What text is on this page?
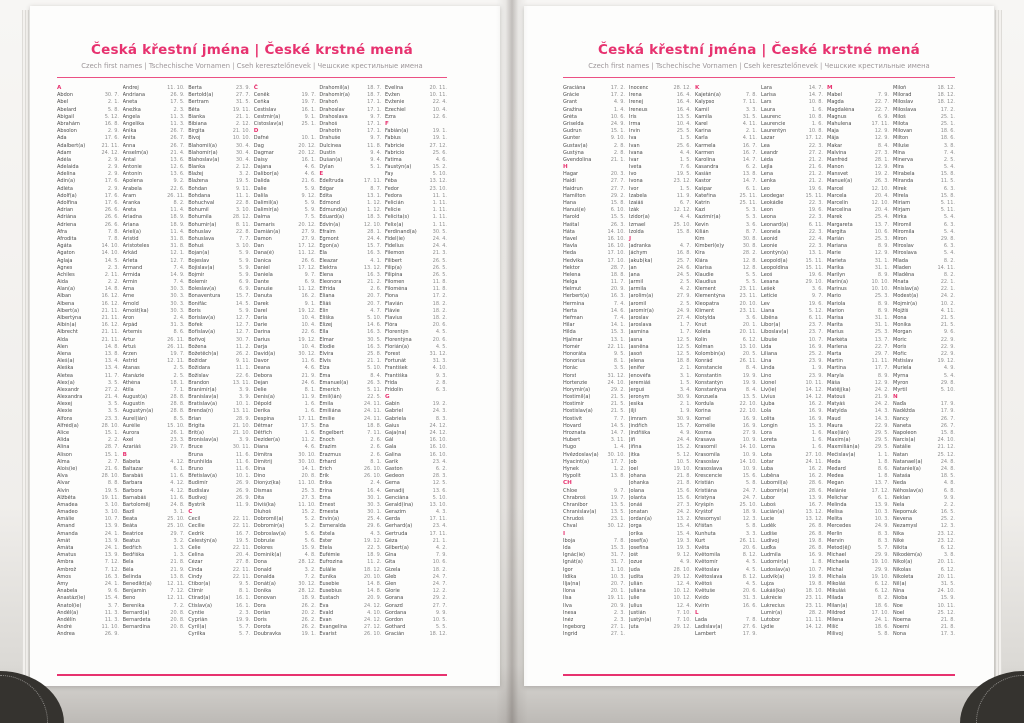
Česká křestní jména | České krstné mená
Czech first names | Tschechische Vornamen | Cseh keresztelőnevek | Чешские крестильные имена
A
Abdon	30. 7.
Ábel	2. 1.
Abelard	5. 8.
Abigail	5. 12.
Abrahám	16. 8.
Absolon	2. 9.
Ada	17. 6.
Adalbert(a)	21. 11.
Adam	24. 12.
Adéla	2. 9.
Adelaida	2. 9.
Adelína	2. 9.
Adin(a)	17. 6.
Adléta	2. 9.
Adolf(a)	17. 6.
Adolfína	17. 6.
Adrian	26. 6.
Adriána	26. 6.
Adriena	26. 6.
Afra	7. 8.
Afrodita	7. 8.
Agáta	14. 10.
Agaton	14. 10.
Aglaja	14. 5.
Agnes	2. 3.
Achiles	2. 11.
Aida	2. 2.
Alan(a)	14. 8.
Alban	16. 12.
Albena	16. 12.
Albert(a)	21. 11.
Albertýna	21. 11.
Albín(a)	16. 12.
Albrecht	21. 11.
Alda	21. 11.
Alen	14. 8.
Alena	13. 8.
Aleš(a)	13. 4.
Aleška	13. 4.
Aletea	11. 7.
Alex(a)	3. 5.
Alexandr	27. 2.
Alexandra	21. 4.
Alexej	3. 5.
Alexie	3. 5.
Alfons	23. 3.
Alfréd(a)	28. 10.
Alice	15. 1.
Alida	2. 2.
Alina	28. 7.
Alison	15. 1.
Alma	2. 7.
Alois(ie)	21. 6.
Alva	28. 10.
Alvar	8. 8.
Alvin	19. 5.
Alžběta	19. 11.
Amadea	3. 10.
Amadeo	3. 10.
Amálie	10. 7.
Amand	13. 9.
Amanda	24. 1.
Amát	13. 9.
Amáta	24. 1.
Amatus	13. 9.
Ambra	7. 12.
Ambrož	7. 12.
Ámos	16. 3.
Amy	24. 1.
Anabela	9. 6.
Anastáz(ie)	15. 4.
Anatol(ie)	3. 7.
Anděl(a)	11. 3.
Andělín	11. 3.
André	11. 10.
Andrea	26. 9.
Andrej	11. 10.
Andriana	26. 9.
Aneta	17. 5.
Anežka	2. 3.
Angela	11. 3.
Angelika	11. 3.
Anika	26. 7.
Anita	26. 7.
Anna	26. 7.
Anselm(a)	21. 4.
Antal	13. 6.
Antonie	12. 6.
Antonín	13. 6.
Apolena	9. 2.
Arabela	22. 6.
Aram	26. 11.
Aranka	8. 2.
Areta	11. 4.
Ariadna	18. 9.
Ariana	18. 9.
Ariel(a)	11. 4.
Aristid	31. 8.
Aristoteles	31. 8.
Arkád	12. 1.
Arleta	12. 7.
Armand	7. 4.
Armida	14. 9.
Armin	7. 4.
Arna	30. 3.
Arne	30. 3.
Arnold	30. 3.
Arnošt(ka)	30. 3.
Áron	2. 4.
Árpád	31. 3.
Artemis	8. 6.
Artur	26. 11.
Artuš	26. 11.
Arzen	19. 7.
Astrid	12. 11.
Atanas	2. 5.
Atanázie	2. 5.
Athéna	18. 1.
Atila	7. 1.
August(a)	28. 8.
Augustin	28. 8.
Augustýn(a)	28. 8.
Aurel(ián)	8. 5.
Aurélie	15. 10.
Aurora	26. 1.
Axel	23. 3.
Azariáš	29. 7.
B
Babeta	4. 12.
Baltazar	6. 1.
Barabáš	11. 6.
Barbara	4. 12.
Barbora	4. 12.
Barnabáš	11. 6.
Bartoloměj	24. 8.
Bazil	3. 1.
Beata	25. 10.
Beáta	25. 10.
Beatrice	29. 7.
Beatus	3. 2.
Bedřich	1. 3.
Bedřiška	1. 3.
Bela	21. 8.
Béla	21. 9.
Belinda	13. 8.
Benedikt(a)	12. 11.
Benjamin	7. 12.
Beno	12. 11.
Berenika	7. 2.
Bernard(a)	20. 8.
Bernardeta	20. 8.
Bernardina	20. 8.
Berta	23. 9.
Bertold(a)	27. 7.
Bertram	31. 5.
Běta	19. 11.
Bianka	21. 1.
Bibiana	2. 12.
Birgita	21. 10.
Bivoj	10. 10.
Blahomil(a)	30. 4.
Blahomír(a)	30. 4.
Blahoslav(a)	30. 4.
Blanka	2. 12.
Blažej	3. 2.
Blažena	19. 5.
Bohdan	9. 11.
Bohdana	11. 1.
Bohuchval	22. 8.
Bohumil	3. 10.
Bohumila	28. 12.
Bohumír(a)	8. 11.
Bohuslav	22. 8.
Bohuslava	7. 7.
Bohuš	3. 10.
Bojan(a)	5. 9.
Bojeslav	5. 9.
Bojislav(a)	5. 9.
Bojmír	5. 9.
Bolemír	6. 9.
Boleslav(a)	6. 9.
Bonaventura	15. 7.
Bonifác	14. 5.
Boris	5. 9.
Borislav(a)	12. 7.
Bořek	12. 7.
Bořislav(a)	12. 7.
Bořivoj	30. 7.
Božena	11. 2.
Božetěch(a)	26. 2.
Božidar	9. 11.
Božidara	11. 1.
Božislav	22. 6.
Brandon	13. 11.
Branimír(a)	3. 9.
Branislav(a)	3. 9.
Bratislav(a)	10. 1.
Brenda(n)	13. 11.
Brian	28. 9.
Brigita	21. 10.
Brit(a)	21. 10.
Bronislav(a)	3. 9.
Bruce	30. 11.
Bruna	11. 6.
Brunhilda	11. 6.
Bruno	11. 6.
Břetislav(a)	10. 1.
Budimír	26. 9.
Budislav	26. 9.
Budivoj	26. 9.
Bystrík	11. 9.
C
Cecil	22. 11.
Cecílie	22. 11.
Cedrik	16. 7.
Celestýn(a)	19. 5.
Celie	22. 11.
Celina	20. 4.
Cézar	27. 8.
Cinda	22. 11.
Cindy	22. 11.
Ctibor(a)	9. 5.
Ctimír	8. 1.
Ctirad(a)	16. 1.
Ctislav(a)	16. 1.
Cyntie	2. 3.
Cyprián	19. 9.
Cyril(a)	5. 7.
Cyrilka	5. 7.
Č
Čeněk	19. 7.
Čeňka	19. 7.
Čestislav	16. 1.
Čestmír(a)	9. 1.
Čistoslav(a)	25. 1.
D
Dafné	10. 1.
Dag	20. 12.
Dagmar	20. 12.
Daisy	16. 1.
Dajana	4. 6.
Dalibor(a)	4. 6.
Dalida	21. 6.
Dalie	5. 9.
Dalila	9. 12.
Dalimil(a)	5. 9.
Dalimír(a)	5. 9.
Dalma	7. 5.
Damaris	20. 12.
Damián(a)	27. 9.
Damon	27. 9.
Dan	17. 12.
Dana(é)	11. 12.
Danica	26. 6.
Daniel	17. 12.
Daniela	9. 7.
Dante	6. 9.
Danuše	11. 12.
Danuta	16. 2.
Darek	9. 1.
Darel	19. 12.
Daria	10. 4.
Darie	10. 4.
Darina	22. 6.
Darius	19. 12.
Darja	10. 4.
David(a)	30. 12.
Davor	11. 6.
Deana	4. 6.
Debora	21. 9.
Dejan	24. 6.
Delie	8. 1.
Denis(a)	11. 9.
Děpold	1. 6.
Derika	1. 6.
Despina	17. 11.
Dětmar	17. 5.
Dětřich	1. 6.
Dezider(a)	11. 2.
Diana	4. 6.
Dimitra	30. 10.
Dimitrij	30. 10.
Dina	14. 1.
Dino	20. 8.
Dionýz(ka)	11. 10.
Dismas	25. 3.
Dita	27. 3.
Diviš(ka)	11. 10.
Dluhoš	15. 2.
Dobromil(a)	5. 2.
Dobromír(a)	5. 2.
Dobroslav(a)	5. 6.
Dobruše	5. 6.
Dolores	15. 9.
Dominik(a)	4. 8.
Dona	28. 12.
Donald	3. 2.
Donalda	7. 2.
Donát(a)	30. 12.
Donika	28. 12.
Donovan	18. 9.
Dora	26. 2.
Dorián	20. 2.
Doris	26. 2.
Dorota	26. 2.
Doubravka	19. 1.
Drahomil(a)	18. 7.
Drahomír(a)	18. 7.
Drahoň	17. 1.
Drahoslav	17. 1.
Drahoslava	9. 7.
Drahoš	17. 1.
Drahotín	17. 1.
Drahuše	9. 7.
Dulcinea	11. 8.
Dustin	9. 4.
Dušan(a)	9. 4.
Dylan	5. 1.
E
Edeltruda	17. 11.
Edgar	8. 7.
Edita	13. 1.
Edmond	1. 12.
Edmund(a)	1. 12.
Eduard(a)	18. 3.
Edvín(a)	12. 10.
Efraim	28. 1.
Egmont	24. 4.
Egon(a)	15. 7.
Ela	16. 3.
Eleazar	4. 1.
Elektra	13. 12.
Elena	16. 3.
Eleonora	21. 2.
Elfrída	2. 6.
Eliana	20. 7.
Eliáš	20. 7.
Elín	4. 7.
Eliška	5. 10.
Elizej	14. 6.
Ella	16. 3.
Elmar	30. 5.
Elodie	16. 3.
Elvíra	25. 8.
Elvis	21. 1.
Elza	5. 10.
Ema	8. 4.
Emanuel(a)	26. 3.
Emerich	5. 11.
Emil(ián)	22. 5.
Emila	24. 11.
Emiliána	24. 11.
Emílie	24. 11.
Ena	18. 8.
Engelbert	7. 11.
Enoch	2. 6.
Erazim	2. 6.
Erazmus	2. 6.
Erhard	8. 1.
Erich	26. 10.
Erik	26. 10.
Erika	2. 4.
Erina	16. 4.
Erna	30. 1.
Ernest	30. 3.
Ernesta	30. 1.
Ervín(a)	25. 4.
Esmeralda	29. 6.
Estela	4. 3.
Ester	19. 12.
Etela	22. 3.
Eufémie	18. 9.
Eufrozina	11. 2.
Eulálie	18. 12.
Eunika	20. 10.
Eusebie	14. 8.
Eusebius	14. 8.
Eustach	20. 9.
Eva	24. 12.
Evald	4. 10.
Evan	24. 12.
Evangelína	27. 12.
Evarist	26. 10.
Evelína	20. 11.
Evžen	10. 11.
Evženie	22. 4.
Ezechiel	10. 4.
Ezra	12. 6.
F
Fabián(a)	19. 1.
Fabius	19. 1.
Fabricie	27. 12.
Fabricio	25. 6.
Fatima	4. 6.
Faustýn(a)	15. 2.
Fay	5. 10.
Féba	13. 12.
Fedor	23. 10.
Fedora	11. 1.
Felicián	1. 11.
Felície	1. 11.
Felicita(s)	1. 11.
Felix(a)	1. 11.
Ferdinand(a)	30. 5.
Fidel(ie)	24. 4.
Fidelius	24. 4.
Filemon	21. 3.
Filibert	26. 5.
Filip(a)	26. 5.
Filipína	26. 5.
Filomen	11. 8.
Filoména	11. 8.
Fiona	17. 2.
Flavián	18. 2.
Flávie	18. 2.
Flavius	18. 2.
Flóra	20. 6.
Florentýn	4. 5.
Florentýna	20. 6.
Florián(a)	4. 5.
Forest	31. 12.
Fortunát	31. 3.
František	4. 10.
Františka	9. 3.
Frída	2. 8.
Fridolín	6. 3.
G
Gabin	19. 2.
Gabriel	24. 3.
Gabriela	8. 3.
Gaius	24. 12.
Gaja(na)	24. 12.
Gál	16. 10.
Gala	16. 10.
Galina	16. 10.
Garik	23. 4.
Gaston	6. 2.
Gedeon	28. 3.
Gema	12. 5.
Genadij	13. 6.
Genciána	5. 10.
Gerald(ína)	13. 10.
Gerazim	4. 3.
Gerda	17. 11.
Gerhard(a)	23. 4.
Gertruda	17. 11.
Géza	21. 1.
Gilbert(a)	4. 2.
Gina	7. 9.
Gita	10. 6.
Gizela	18. 2.
Gleb	24. 7.
Glen	24. 7.
Glorie	12. 2.
Gorana	29. 2.
Gorazd	27. 7.
Gordana	9. 9.
Gordon	10. 5.
Gothard	5. 5.
Gracián	18. 12.
Česká křestní jména | České krstné mená
Czech first names | Tschechische Vornamen | Cseh keresztelőnevek | Чешские крестильные имена
Graciána	17. 2.
Grácie	17. 2.
Grant	4. 9.
Gražina	1. 4.
Gréta	10. 6.
Griselda	24. 9.
Gudrun	15. 1.
Gunter	9. 10.
Gustav(a)	2. 8.
Gustýna	2. 8.
Gvendolína	21. 1.
H
Hagar	20. 3.
Haidi	27. 7.
Haidrun	27. 7.
Hamilton	29. 2.
Hana	15. 8.
Hanuš(e)	6. 10.
Harold	15. 5.
Haštal	26. 3.
Háta	14. 10.
Havel	16. 10.
Havla	16. 10.
Heda	17. 10.
Hedvika	17. 10.
Hektor	28. 7.
Helena	18. 8.
Helga	11. 7.
Helmut	20. 9.
Herbert(a)	16. 3.
Hermína	7. 4.
Herta	14. 6.
Heřman	7. 4.
Hilar	14. 1.
Hilda	15. 3.
Hjalmar	13. 1.
Homér	22. 11.
Honoráta	9. 5.
Honorius	8. 1.
Horác	3. 5.
Horst	31. 12.
Hortenzie	24. 10.
Horymír(a)	29. 2.
Hostimil(a)	21. 5.
Hostimír	21. 5.
Hostislav(a)	21. 5.
Hostivít	7. 7.
Hovard	14. 5.
Hroznata	14. 7.
Hubert	3. 11.
Hugo	1. 4.
Hvězdoslav(a) 30. 10.
Hyacint(a)	17. 7.
Hynek	1. 2.
Hypolit	13. 8.
CH
Chloe	9. 7.
Chrabroš	19. 7.
Chranibor	13. 5.
Chranislav(a)	13. 5.
Chrudoš	23. 1.
Chval	30. 12.
I
Iboja	7. 8.
Ida	15. 3.
Ignác(ie)	31. 7.
Ignát(a)	31. 7.
Igor	1. 10.
Ildika	10. 3.
Ilja(na)	20. 7.
Ilona	20. 1.
Ilsa	19. 11.
Ilva	20. 9.
Inesa	2. 3.
Inéz	2. 3.
Ingeborg	27. 1.
Ingrid	27. 1.
Inocenc	28. 12.
Irena	16. 4.
Irenej	16. 4.
Ireneus	16. 4.
Iris	13. 5.
Irma	10. 4.
Irvin	25. 5.
Iva	1. 5.
Ivan	25. 6.
Ivana	4. 4.
Ivar	1. 5.
Iveta	7. 6.
Ivo	19. 5.
Ivona	23. 12.
Ivor	1. 5.
Izabela	11. 9.
Izaiáš	6. 7.
Izák	12. 12.
Izidor(a)	4. 4.
Izmael	25. 10.
Izolda	15. 8.
J
Jadranka	4. 7.
Jáchym	16. 8.
Jakub(ka)	25. 7.
Jan	24. 6.
Jana	24. 5.
Jarmil	2. 5.
Jarmila	4. 2.
Jarolím(a)	27. 9.
Jaromil	2. 5.
Jaromír(a)	24. 9.
Jaroslav	27. 4.
Jaroslava	1. 7.
Jasmína	1. 7.
Jasna	12. 5.
Jasněna	12. 5.
Jasoň	12. 5.
Jelena	18. 8.
Jenifer	2. 1.
Jenovéfa	3. 1.
Jeremiáš	1. 5.
Jerguš	3. 4.
Jeronym	30. 9.
Jesika	2. 1.
Jiljí	1. 9.
Jimram	30. 9.
Jindřich	15. 7.
Jindřiška	4. 9.
Jiří	24. 4.
Jiřina	15. 2.
Jitka	5. 12.
Job	10. 5.
Joel	19. 10.
Johana	21. 8.
Johanka	21. 8.
Jolana	15. 6.
Jolanta	15. 6.
Jonáš	27. 3.
Jonatan	24. 2.
Jordan(a)	13. 2.
Jorga	15. 4.
Jorika	15. 4.
Josef(a)	19. 3.
Josefína	19. 3.
Jošt	9. 12.
Jozue	4. 9.
Juda	28. 10.
Judita	29. 12.
Julián	12. 4.
Juliána	10. 12.
Julie	10. 12.
Julius	12. 4.
Justián	7. 10.
Justýn(a)	7. 10.
Juta	29. 12.
K
Kajetán(a)	7. 8.
Kalypso	7. 11.
Kamil	3. 3.
Kamila	31. 5.
Karel	4. 11.
Karina	2. 1.
Karla	4. 11.
Karmela	16. 7.
Karmen	16. 7.
Karolína	14. 7.
Kasandra	6. 2.
Kasián	13. 8.
Kastor	14. 7.
Kašpar	6. 1.
Kateřina	25. 11.
Katrin	25. 11.
Kazi	5. 3.
Kazimír(a)	5. 3.
Kevin	3. 6.
Kilián	8. 7.
Kim	30. 8.
Kimberl(e)y	30. 8.
Kira	28. 2.
Klára	12. 8.
Klarisa	12. 8.
Klaudie	5. 5.
Klaudius	5. 5.
Klement	23. 11.
Klementýna	23. 11.
Kleopatra	20. 10.
Kliment	23. 11.
Klotylda	3. 6.
Knut	20. 1.
Koleta	20. 11.
Kolin	6. 12.
Kolman	13. 10.
Kolombín(a)	20. 5.
Konrád	26. 11.
Konstancie	8. 4.
Konstantin	19. 9.
Konstantýn	19. 9.
Konstantýna	8. 4.
Konzuela	13. 5.
Kordula	22. 10.
Korina	22. 10.
Kornel	16. 9.
Kornélie	16. 9.
Kosma	27. 9.
Krasava	10. 9.
Krasomil	14. 10.
Krasomila	10. 9.
Krasoslav	14. 10.
Krasoslava	10. 9.
Krescencie	15. 6.
Kristián	5. 8.
Kristiána	24. 7.
Kristýna	24. 7.
Kryšpín	25. 10.
Kryštof	18. 9.
Křesomysl	12. 3.
Křišťan	5. 8.
Kunhuta	3. 3.
Kurt	26. 11.
Květa	20. 6.
Květomila	8. 12.
Květomír	4. 5.
Květoslav	4. 5.
Květoslava	8. 12.
Květoš	4. 5.
Květuše	20. 6.
Kvido	31. 3.
Kvirin	16. 6.
L
Lada	7. 8.
Ladislav(a)	27. 6.
Lambert	17. 9.
Lara	14. 7.
Larisa	14. 7.
Lars	10. 8.
Laura	1. 6.
Laurenc	10. 8.
Laurencie	1. 6.
Laurentýn	10. 8.
Lazar	17. 12.
Lea	22. 3.
Leandr	27. 2.
Léda	21. 2.
Lejla	21. 6.
Lena	21. 2.
Lenka	21. 2.
Leo	19. 6.
Leodegar	15. 11.
Leokádie	22. 3.
Leon	19. 6.
Leona	22. 3.
Leonard(a)	6. 11.
Leonela	22. 3.
Leonid	22. 4.
Leonie	22. 3.
Leontýn(a)	13. 1.
Leopold(a)	15. 11.
Leopoldína	15. 11.
Leoš	19. 6.
Lesana	29. 10.
Lešek	3. 6.
Letície	9. 7.
Lev	19. 6.
Liana	5. 12.
Liběna	6. 11.
Libor(a)	23. 7.
Liboslav(a)	23. 7.
Libuše	10. 7.
Lída	16. 9.
Liliana	25. 2.
Lina	23. 9.
Linda	1. 9.
Lino	23. 9.
Lionel	10. 11.
Liv(ie)	14. 12.
Livius	14. 12.
Ljuba	16. 2.
Lola	16. 9.
Lolita	16. 9.
Longin	15. 3.
Lora	1. 6.
Loreta	1. 6.
Lorna	1. 6.
Lota	27. 10.
Lotar	24. 11.
Luba	16. 2.
Luběna	16. 2.
Lubomil(a)	28. 6.
Lubomír(a)	28. 6.
Lubor	13. 9.
Luboš	16. 7.
Lucián(a)	13. 12.
Lucie	13. 12.
Luděk	26. 8.
Ludiše	26. 8.
Ludivoj	19. 8.
Luďka	26. 8.
Ludmila	16. 9.
Ludomír(a)	1. 8.
Ludoslav(a)	10. 7.
Ludvík(a)	19. 8.
Lujza	19. 8.
Lukáš(ka)	18. 10.
Lukrécie	23. 11.
Lukrecius	23. 11.
Lumír(a)	28. 2.
Lutobor	11. 11.
Lýdie	14. 12.
M
Mabel	7. 9.
Magda	22. 7.
Magdaléna	22. 7.
Magnus	6. 9.
Mahulena	17. 11.
Maja	12. 9.
Mája	12. 9.
Makar	8. 4.
Malvína	27. 3.
Manfréd	28. 1.
Manon	12. 9.
Mansvet	19. 2.
Manuel(a)	26. 3.
Marcel	12. 10.
Marcela	20. 4.
Marcelín	12. 10.
Marcelína	20. 4.
Marek	25. 4.
Margareta	13. 7.
Margita	10. 6.
Marián	25. 3.
Mariana	8. 9.
Marie	12. 9.
Marieta	31. 1.
Marika	31. 1.
Marilyn	8. 9.
Marin(a)	10. 10.
Marinus	10. 10.
Mario	25. 3.
Mariola	8. 9.
Marion	8. 9.
Marisa	31. 1.
Marita	31. 1.
Marius	25. 3.
Markéta	13. 7.
Marlena	22. 7.
Marta	29. 7.
Martin	11. 11.
Martina	17. 7.
Maryla	8. 9.
Máša	12. 9.
Matěj(ka)	24. 2.
Matouš	21. 9.
Matyáš	24. 2.
Matylda	14. 3.
Maud	14. 3.
Maura	22. 9.
Max(ián)	29. 5.
Maxim(a)	29. 5.
Maxmilián(a)	29. 5.
Mečislav(a)	1. 1.
Meda	1. 8.
Medard	8. 6.
Medea	1. 8.
Megan	13. 7.
Melánie	17. 12.
Melichar	6. 1.
Melinda	13. 9.
Melisa	10. 3.
Melita	10. 3.
Mercedes	24. 9.
Merlin	8. 3.
Mervin	8. 3.
Metod(ěj)	5. 7.
Michael	29. 9.
Michaela	19. 10.
Michal	29. 9.
Michala	19. 10.
Mikoláš	6. 12.
Mikuláš	6. 12.
Milada	8. 2.
Milan(a)	18. 6.
Mildred	17. 10.
Milena	24. 1.
Milíč	18. 6.
Milivoj	5. 8.
Miloň	18. 12.
Milorad	18. 12.
Miloslav	18. 12.
Miloslava	17. 2.
Miloš	25. 1.
Milota	25. 1.
Milovan	18. 6.
Milton	18. 6.
Miluše	3. 8.
Mína	7. 4.
Minerva	2. 5.
Mira	5. 4.
Mirabela	15. 8.
Miranda	11. 5.
Mirek	6. 3.
Mirela	15. 8.
Miriam	5. 11.
Mirjam	5. 11.
Mirka	5. 4.
Miromil	6. 3.
Miromila	5. 4.
Miron	29. 8.
Miroslav	6. 3.
Miroslava	5. 4.
Mlada	8. 2.
Mladen	14. 11.
Mladěna	8. 2.
Mnata	22. 1.
Mnislav(a)	22. 1.
Modest(a)	24. 2.
Mojmír(a)	10. 2.
Mojžíš	4. 11.
Mona	21. 5.
Monika	21. 5.
Morgan	9. 6.
Moric	22. 9.
Moris	22. 9.
Mořic	22. 9.
Mstislav	19. 12.
Muriela	4. 9.
Myrna	5. 4.
Myron	29. 8.
Myrtil	5. 10.
N
Naďa	17. 9.
Naděžda	17. 9.
Nancy	26. 7.
Naneta	26. 7.
Napoleon	15. 8.
Narcis(a)	24. 10.
Natálie	21. 12.
Natan	25. 12.
Natanael(a)	24. 8.
Nataniel(a)	24. 8.
Nataša	18. 5.
Neda	4. 8.
Něhoslav(a)	6. 8.
Neklan	9. 9.
Nela	2. 2.
Nepomuk	16. 5.
Nevena	25. 2.
Nezamysl	12. 3.
Nika	23. 12.
Niké	23. 12.
Nikita	6. 12.
Nikodém(a)	3. 8.
Nikol(a)	20. 11.
Nikolas	6. 12.
Nikoleta	20. 11.
Nil(a)	31. 5.
Nina	24. 10.
Nioba	15. 9.
Noe	10. 11.
Noel	25. 12.
Noema	21. 8.
Noemi	21. 8.
Nona	17. 3.
